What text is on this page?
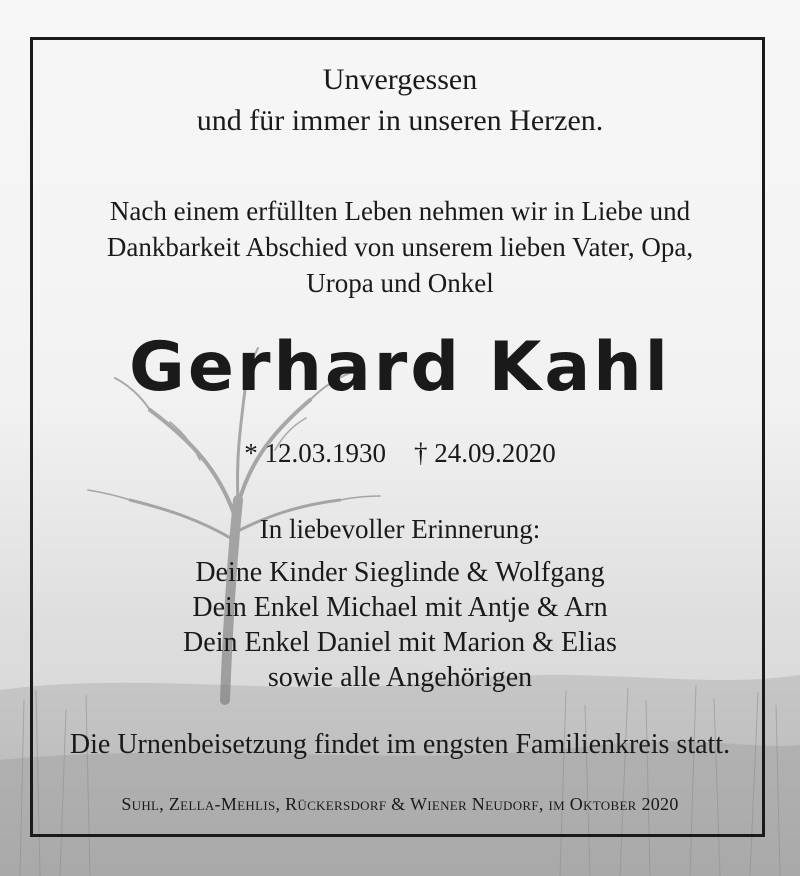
Unvergessen
und für immer in unseren Herzen.
Nach einem erfüllten Leben nehmen wir in Liebe und
Dankbarkeit Abschied von unserem lieben Vater, Opa,
Uropa und Onkel
Gerhard Kahl
* 12.03.1930 † 24.09.2020
In liebevoller Erinnerung:
Deine Kinder Sieglinde & Wolfgang
Dein Enkel Michael mit Antje & Arn
Dein Enkel Daniel mit Marion & Elias
sowie alle Angehörigen
Die Urnenbeisetzung findet im engsten Familienkreis statt.
Suhl, Zella-Mehlis, Rückersdorf & Wiener Neudorf, im Oktober 2020
